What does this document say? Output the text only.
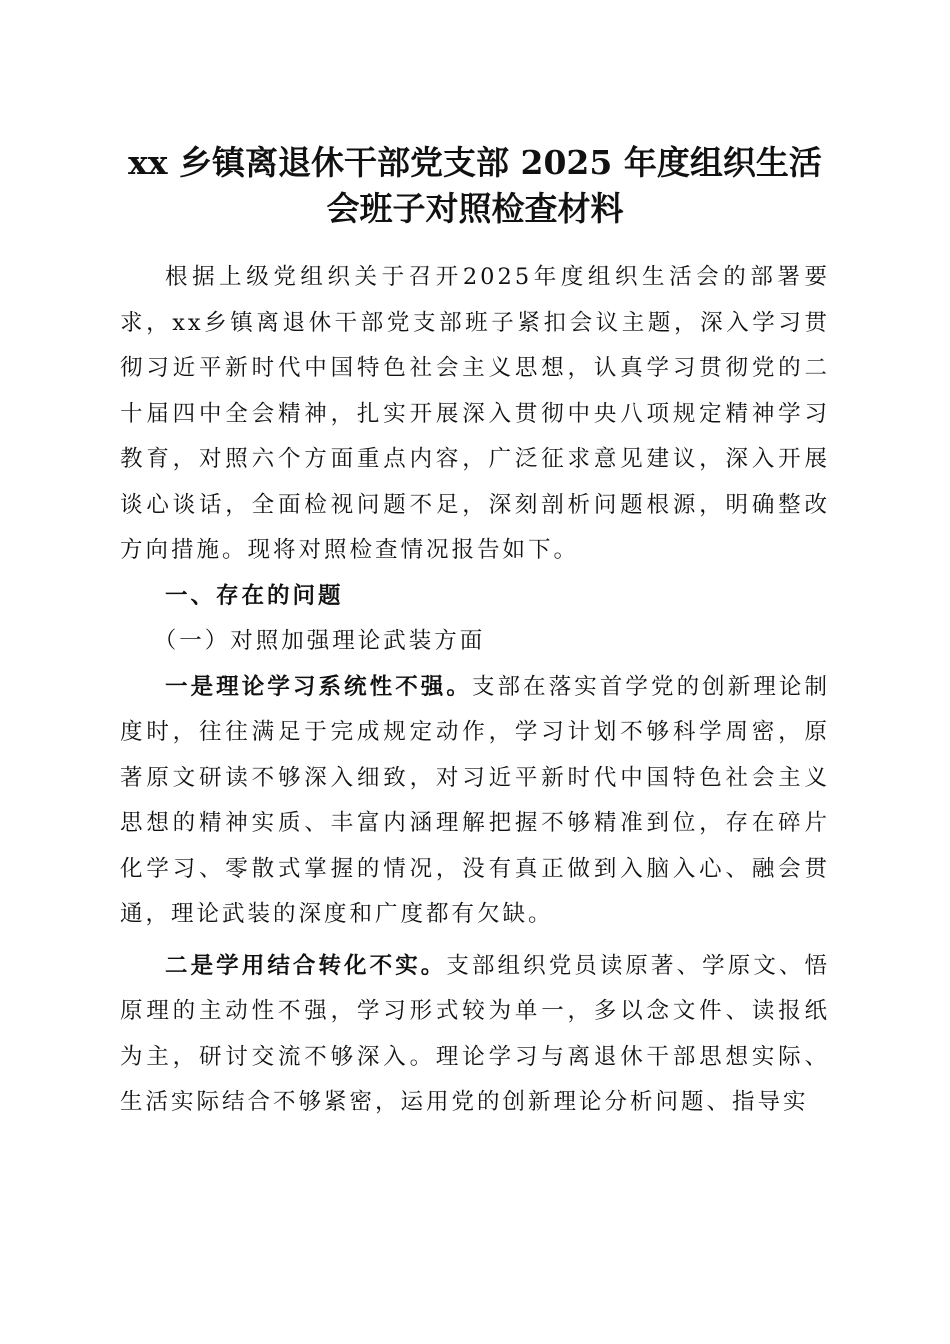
xx 乡镇离退休干部党支部 2025 年度组织生活
会班子对照检查材料

根据上级党组织关于召开2025年度组织生活会的部署要求，xx乡镇离退休干部党支部班子紧扣会议主题，深入学习贯彻习近平新时代中国特色社会主义思想，认真学习贯彻党的二十届四中全会精神，扎实开展深入贯彻中央八项规定精神学习教育，对照六个方面重点内容，广泛征求意见建议，深入开展谈心谈话，全面检视问题不足，深刻剖析问题根源，明确整改方向措施。现将对照检查情况报告如下。

一、存在的问题

（一）对照加强理论武装方面

一是理论学习系统性不强。支部在落实首学党的创新理论制度时，往往满足于完成规定动作，学习计划不够科学周密，原著原文研读不够深入细致，对习近平新时代中国特色社会主义思想的精神实质、丰富内涵理解把握不够精准到位，存在碎片化学习、零散式掌握的情况，没有真正做到入脑入心、融会贯通，理论武装的深度和广度都有欠缺。

二是学用结合转化不实。支部组织党员读原著、学原文、悟原理的主动性不强，学习形式较为单一，多以念文件、读报纸为主，研讨交流不够深入。理论学习与离退休干部思想实际、生活实际结合不够紧密，运用党的创新理论分析问题、指导实
